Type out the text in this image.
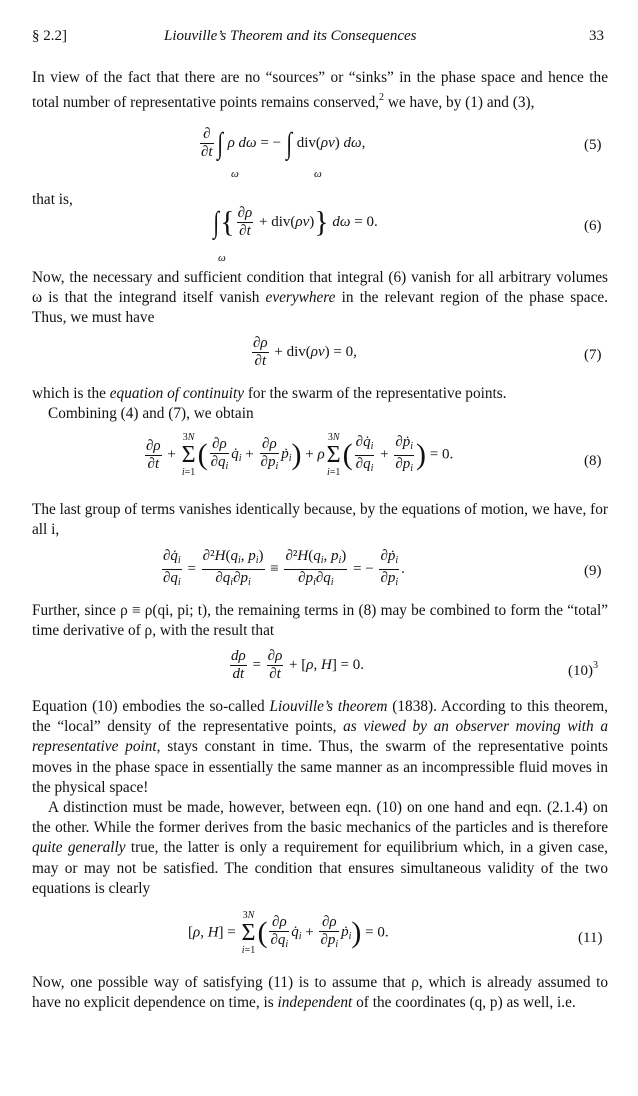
§ 2.2]	Liouville’s Theorem and its Consequences	33
In view of the fact that there are no “sources” or “sinks” in the phase space and hence the total number of representative points remains conserved,$^2$ we have, by (1) and (3),
$\frac{\partial}{\partial t}$ ∫ ρ dω = − ∫ div(ρv) dω,
ω	ω
(5)
that is,
∫{ $\frac{\partial\rho}{\partial t} + div(\rho v)$} dω = 0.
ω
(6)
Now, the necessary and sufficient condition that integral (6) vanish for all arbitrary volumes ω is that the integrand itself vanish everywhere in the relevant region of the phase space. Thus, we must have
$\frac{\partial\rho}{\partial t} + div(\rho v) = 0$,	(7)
which is the equation of continuity for the swarm of the representative points.
Combining (4) and (7), we obtain
$\frac{\partial\rho}{\partial t}$ +
3N
Σ
i=1
( $\frac{\partial\rho}{\partial q_i}$ $q̇_i + \frac{\partial\rho}{\partial p_i}$ ṗ$_i$) + ρ
3N
Σ
i=1
( $\frac{\partial q̇_i}{\partial q_i} + \frac{\partial ṗ_i}{\partial p_i}$ ) = 0.	(8)
The last group of terms vanishes identically because, by the equations of motion, we have, for all i,
$\frac{\partial q̇_i}{\partial q_i} = \frac{\partial^2H(q_i, p_i)}{\partial q_i\partial p_i} \equiv \frac{\partial^2H(q_i, p_i)}{\partial p_i\partial q_i}$ = − $\frac{\partial ṗ_i}{\partial p_i}$ .	(9)
Further, since ρ ≡ ρ(qi, pi; t), the remaining terms in (8) may be combined to form the “total” time derivative of ρ, with the result that
$\frac{d\rho}{dt} = \frac{\partial\rho}{\partial t} + [\rho$, H] = 0.	$(10)^3$
Equation (10) embodies the so-called Liouville’s theorem (1838). According to this theorem, the “local” density of the representative points, as viewed by an observer moving with a representative point, stays constant in time. Thus, the swarm of the representative points moves in the phase space in essentially the same manner as an incompressible fluid moves in the physical space!
A distinction must be made, however, between eqn. (10) on one hand and eqn. (2.1.4) on the other. While the former derives from the basic mechanics of the particles and is therefore quite generally true, the latter is only a requirement for equilibrium which, in a given case, may or may not be satisfied. The condition that ensures simultaneous validity of the two equations is clearly
[ρ, H] =
3N
Σ
i=1
( $\frac{\partial\rho}{\partial q_i}$ $q̇_i + \frac{\partial\rho}{\partial p_i}$ ṗ$_i$) = 0.	(11)
Now, one possible way of satisfying (11) is to assume that ρ, which is already assumed to have no explicit dependence on time, is independent of the coordinates (q, p) as well, i.e.
